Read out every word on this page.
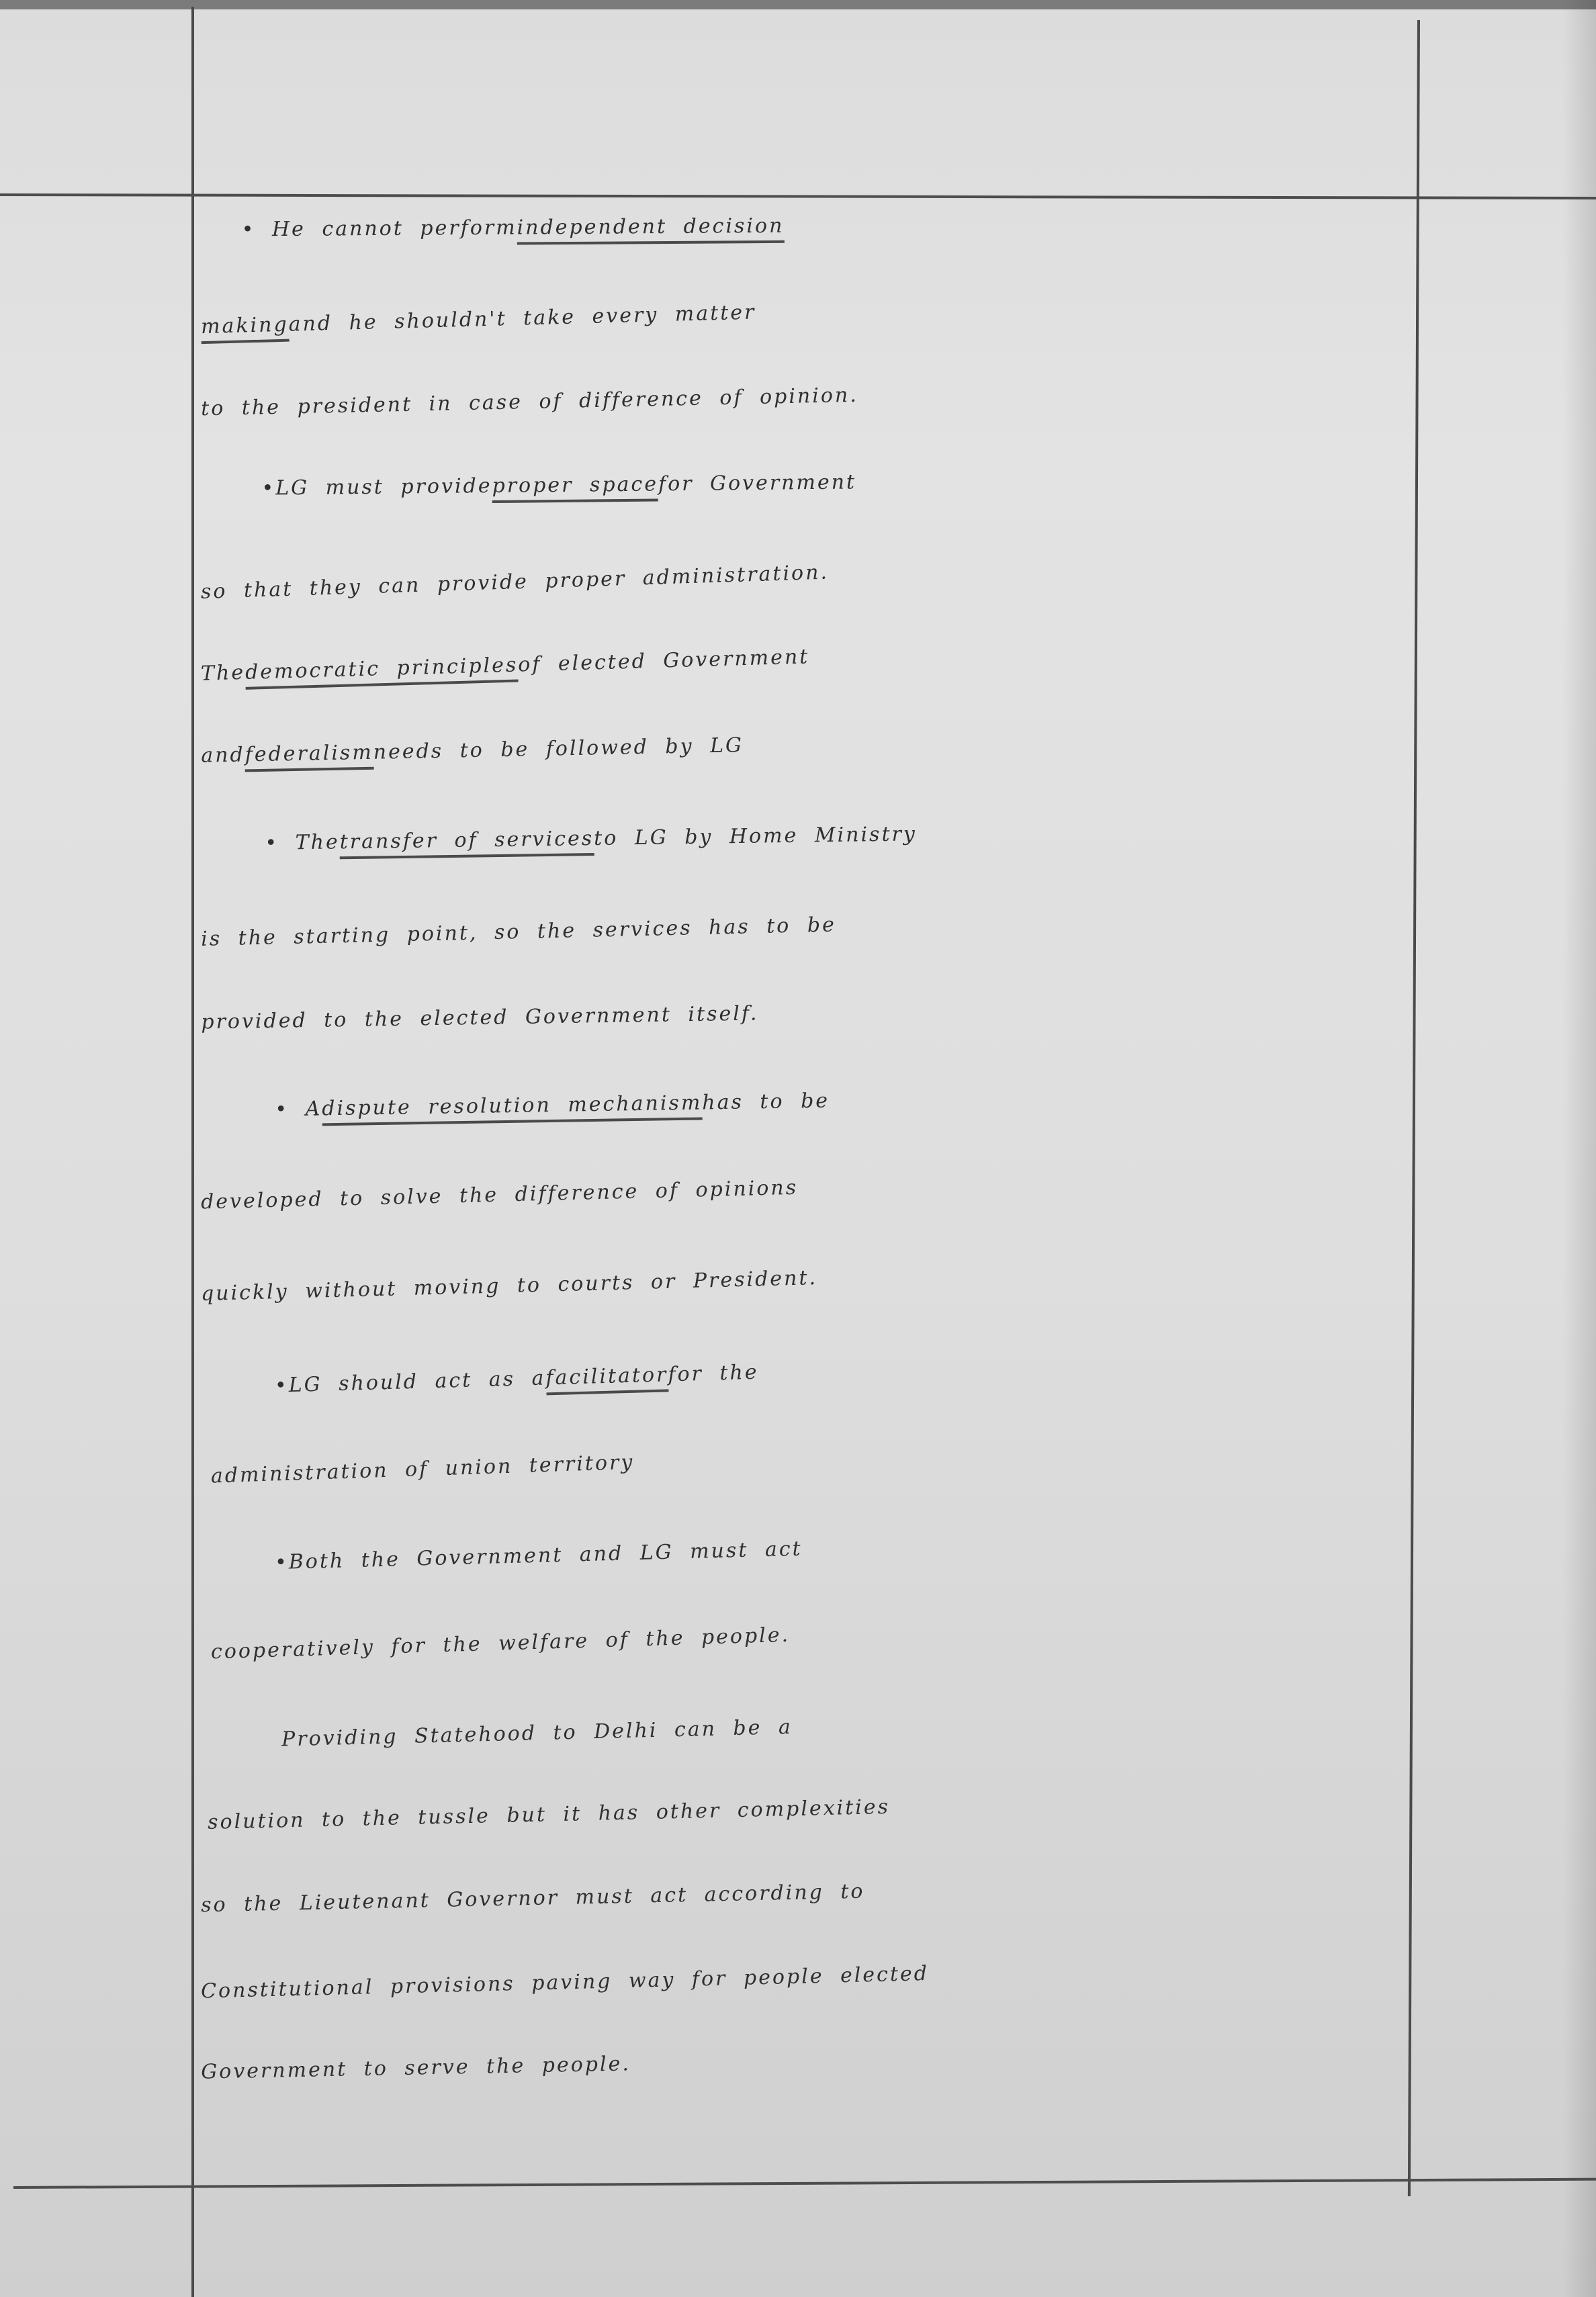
• He cannot performindependent decision
makingand he shouldn't take every matter
to the president in case of difference of opinion.
•LG must provideproper spacefor Government
so that they can provide proper administration.
Thedemocratic principlesof elected Government
andfederalismneeds to be followed by LG
• Thetransfer of servicesto LG by Home Ministry
is the starting point, so the services has to be
provided to the elected Government itself.
• Adispute resolution mechanismhas to be
developed to solve the difference of opinions
quickly without moving to courts or President.
•LG should act as afacilitatorfor the
administration of union territory
•Both the Government and LG must act
cooperatively for the welfare of the people.
Providing Statehood to Delhi can be a
solution to the tussle but it has other complexities
so the Lieutenant Governor must act according to
Constitutional provisions paving way for people elected
Government to serve the people.
